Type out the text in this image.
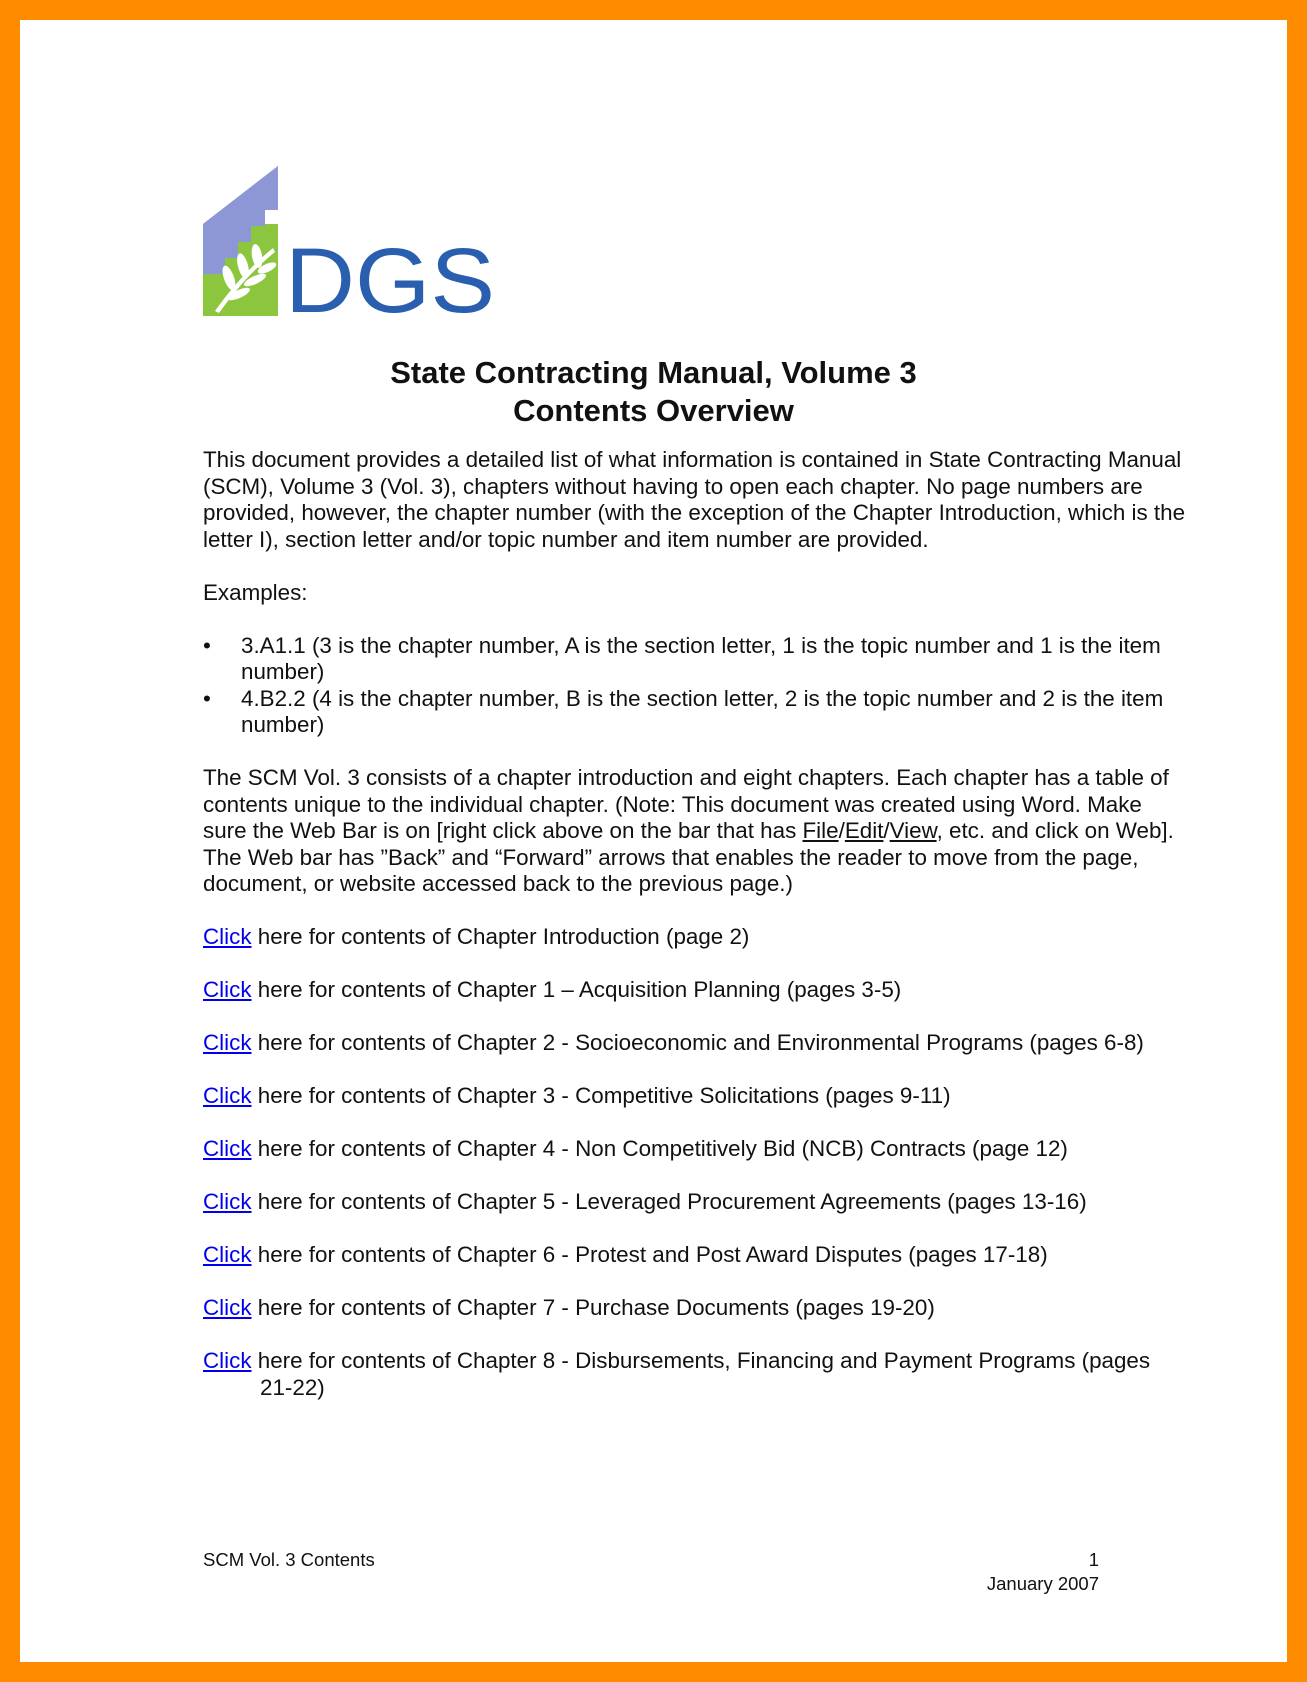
DGS
State Contracting Manual, Volume 3
Contents Overview

This document provides a detailed list of what information is contained in State Contracting Manual (SCM), Volume 3 (Vol. 3), chapters without having to open each chapter. No page numbers are provided, however, the chapter number (with the exception of the Chapter Introduction, which is the letter I), section letter and/or topic number and item number are provided.

Examples:

• 3.A1.1 (3 is the chapter number, A is the section letter, 1 is the topic number and 1 is the item number)
• 4.B2.2 (4 is the chapter number, B is the section letter, 2 is the topic number and 2 is the item number)

The SCM Vol. 3 consists of a chapter introduction and eight chapters. Each chapter has a table of contents unique to the individual chapter. (Note: This document was created using Word. Make sure the Web Bar is on [right click above on the bar that has File/Edit/View, etc. and click on Web]. The Web bar has ”Back” and “Forward” arrows that enables the reader to move from the page, document, or website accessed back to the previous page.)

Click here for contents of Chapter Introduction (page 2)

Click here for contents of Chapter 1 – Acquisition Planning (pages 3-5)

Click here for contents of Chapter 2 - Socioeconomic and Environmental Programs (pages 6-8)

Click here for contents of Chapter 3 - Competitive Solicitations (pages 9-11)

Click here for contents of Chapter 4 - Non Competitively Bid (NCB) Contracts (page 12)

Click here for contents of Chapter 5 - Leveraged Procurement Agreements (pages 13-16)

Click here for contents of Chapter 6 - Protest and Post Award Disputes (pages 17-18)

Click here for contents of Chapter 7 - Purchase Documents (pages 19-20)

Click here for contents of Chapter 8 - Disbursements, Financing and Payment Programs (pages 21-22)

SCM Vol. 3 Contents	1
January 2007
